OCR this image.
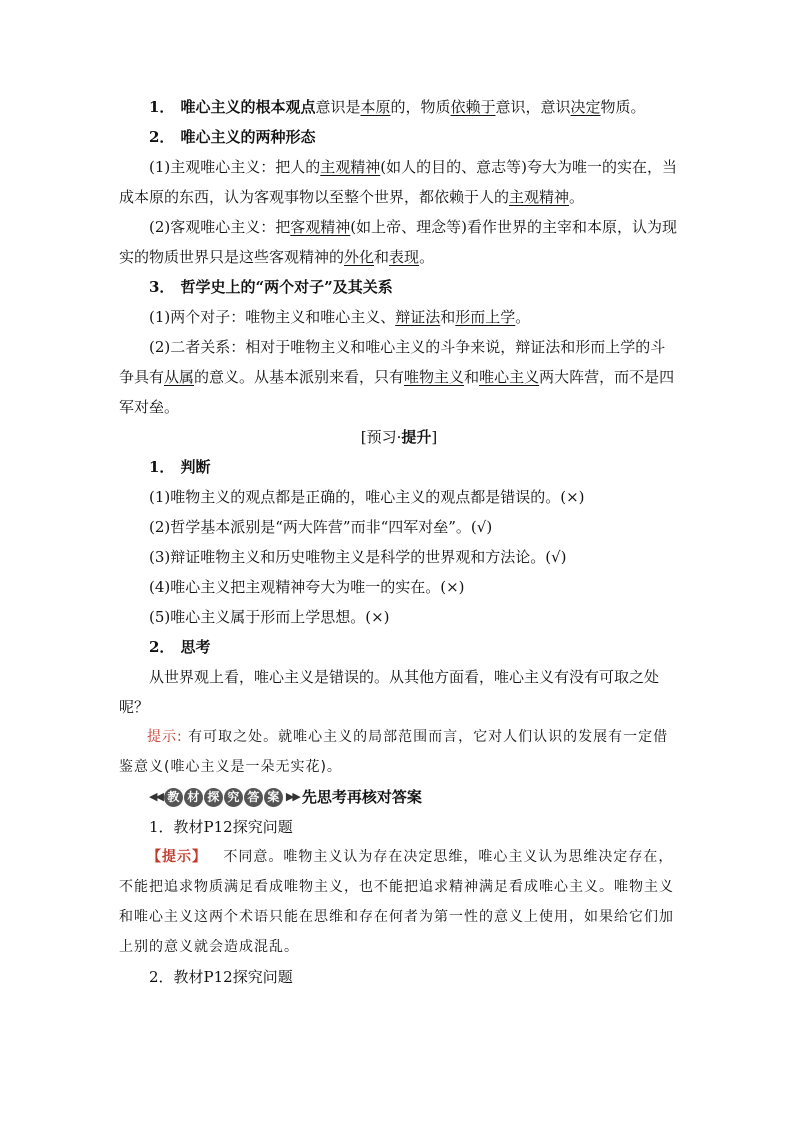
1． 唯心主义的根本观点意识是本原的，物质依赖于意识，意识决定物质。

2． 唯心主义的两种形态

(1)主观唯心主义：把人的主观精神(如人的目的、意志等)夸大为唯一的实在，当成本原的东西，认为客观事物以至整个世界，都依赖于人的主观精神。

(2)客观唯心主义：把客观精神(如上帝、理念等)看作世界的主宰和本原，认为现实的物质世界只是这些客观精神的外化和表现。

3． 哲学史上的“两个对子”及其关系

(1)两个对子：唯物主义和唯心主义、辩证法和形而上学。

(2)二者关系：相对于唯物主义和唯心主义的斗争来说，辩证法和形而上学的斗争具有从属的意义。从基本派别来看，只有唯物主义和唯心主义两大阵营，而不是四军对垒。

[预习·提升]

1． 判断

(1)唯物主义的观点都是正确的，唯心主义的观点都是错误的。(×)

(2)哲学基本派别是“两大阵营”而非“四军对垒”。(√)

(3)辩证唯物主义和历史唯物主义是科学的世界观和方法论。(√)

(4)唯心主义把主观精神夸大为唯一的实在。(×)

(5)唯心主义属于形而上学思想。(×)

2． 思考

从世界观上看，唯心主义是错误的。从其他方面看，唯心主义有没有可取之处呢？

提示: 有可取之处。就唯心主义的局部范围而言，它对人们认识的发展有一定借鉴意义(唯心主义是一朵无实花)。

◀◀ 教 材 探 究 答 案 ▶▶ 先思考再核对答案

1．教材P12探究问题

【提示】 不同意。唯物主义认为存在决定思维，唯心主义认为思维决定存在，不能把追求物质满足看成唯物主义，也不能把追求精神满足看成唯心主义。唯物主义和唯心主义这两个术语只能在思维和存在何者为第一性的意义上使用，如果给它们加上别的意义就会造成混乱。

2．教材P12探究问题
